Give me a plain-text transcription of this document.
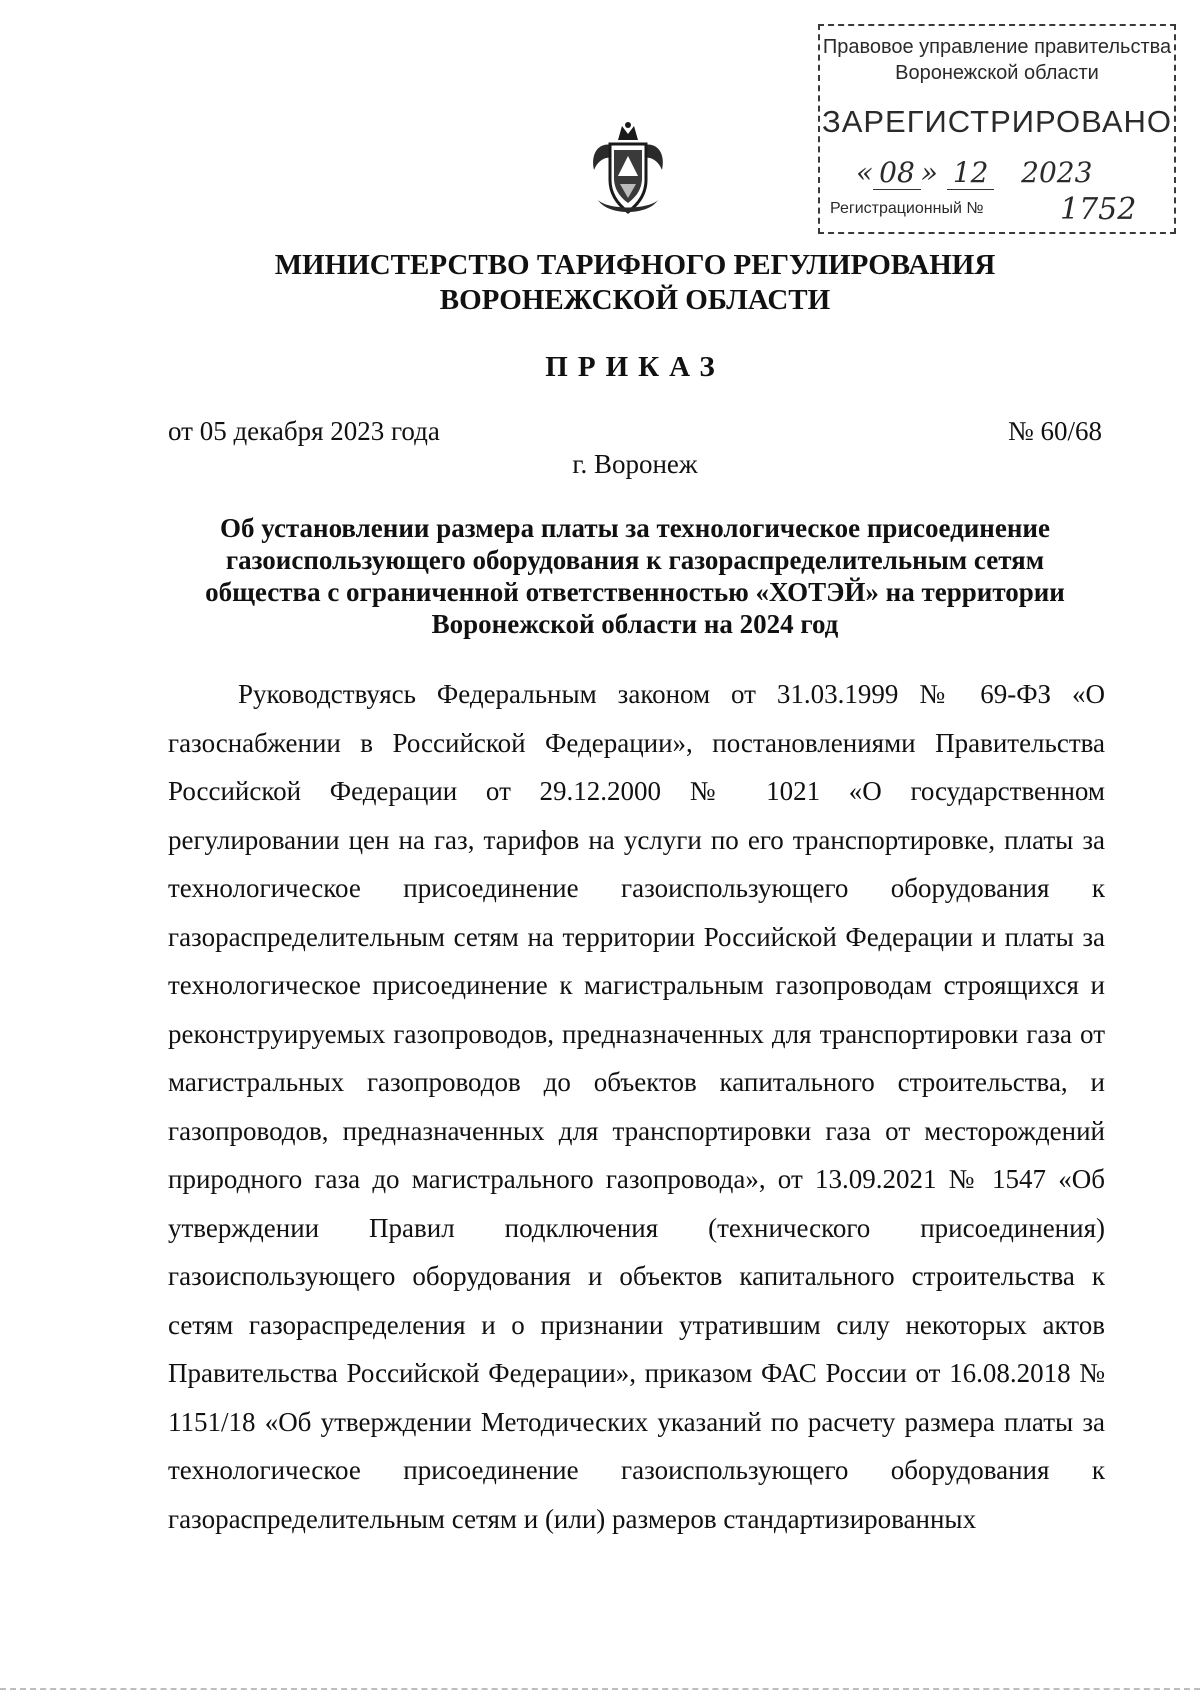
Правовое управление правительства
Воронежской области
ЗАРЕГИСТРИРОВАНО
« 08 » 12 2023
Регистрационный №	1752
МИНИСТЕРСТВО ТАРИФНОГО РЕГУЛИРОВАНИЯ
ВОРОНЕЖСКОЙ ОБЛАСТИ
ПРИКАЗ
от 05 декабря 2023 года	№ 60/68
г. Воронеж
Об установлении размера платы за технологическое присоединение газоиспользующего оборудования к газораспределительным сетям общества с ограниченной ответственностью «ХОТЭЙ» на территории Воронежской области на 2024 год
Руководствуясь Федеральным законом от 31.03.1999 № 69-ФЗ «О газоснабжении в Российской Федерации», постановлениями Правительства Российской Федерации от 29.12.2000 № 1021 «О государственном регулировании цен на газ, тарифов на услуги по его транспортировке, платы за технологическое присоединение газоиспользующего оборудования к газораспределительным сетям на территории Российской Федерации и платы за технологическое присоединение к магистральным газопроводам строящихся и реконструируемых газопроводов, предназначенных для транспортировки газа от магистральных газопроводов до объектов капитального строительства, и газопроводов, предназначенных для транспортировки газа от месторождений природного газа до магистрального газопровода», от 13.09.2021 № 1547 «Об утверждении Правил подключения (технического присоединения) газоиспользующего оборудования и объектов капитального строительства к сетям газораспределения и о признании утратившим силу некоторых актов Правительства Российской Федерации», приказом ФАС России от 16.08.2018 № 1151/18 «Об утверждении Методических указаний по расчету размера платы за технологическое присоединение газоиспользующего оборудования к газораспределительным сетям и (или) размеров стандартизированных
